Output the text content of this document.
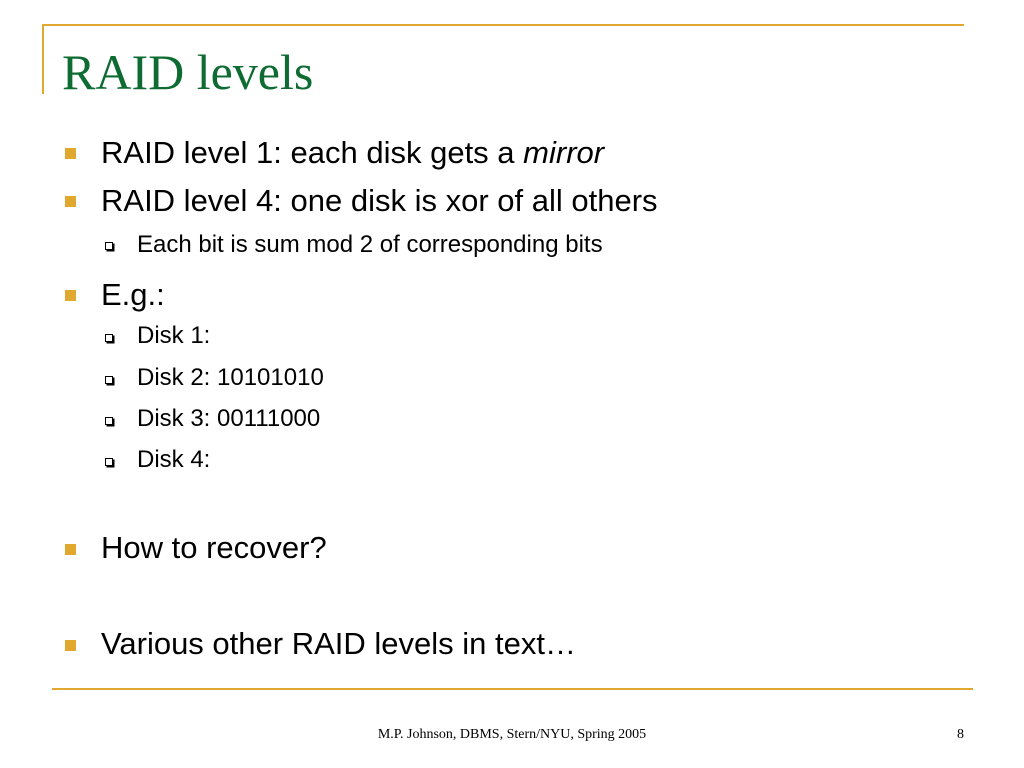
RAID levels
RAID level 1: each disk gets a mirror
RAID level 4: one disk is xor of all others
Each bit is sum mod 2 of corresponding bits
E.g.:
Disk 1:
Disk 2: 10101010
Disk 3: 00111000
Disk 4:
How to recover?
Various other RAID levels in text…
M.P. Johnson, DBMS, Stern/NYU, Spring 2005	8
